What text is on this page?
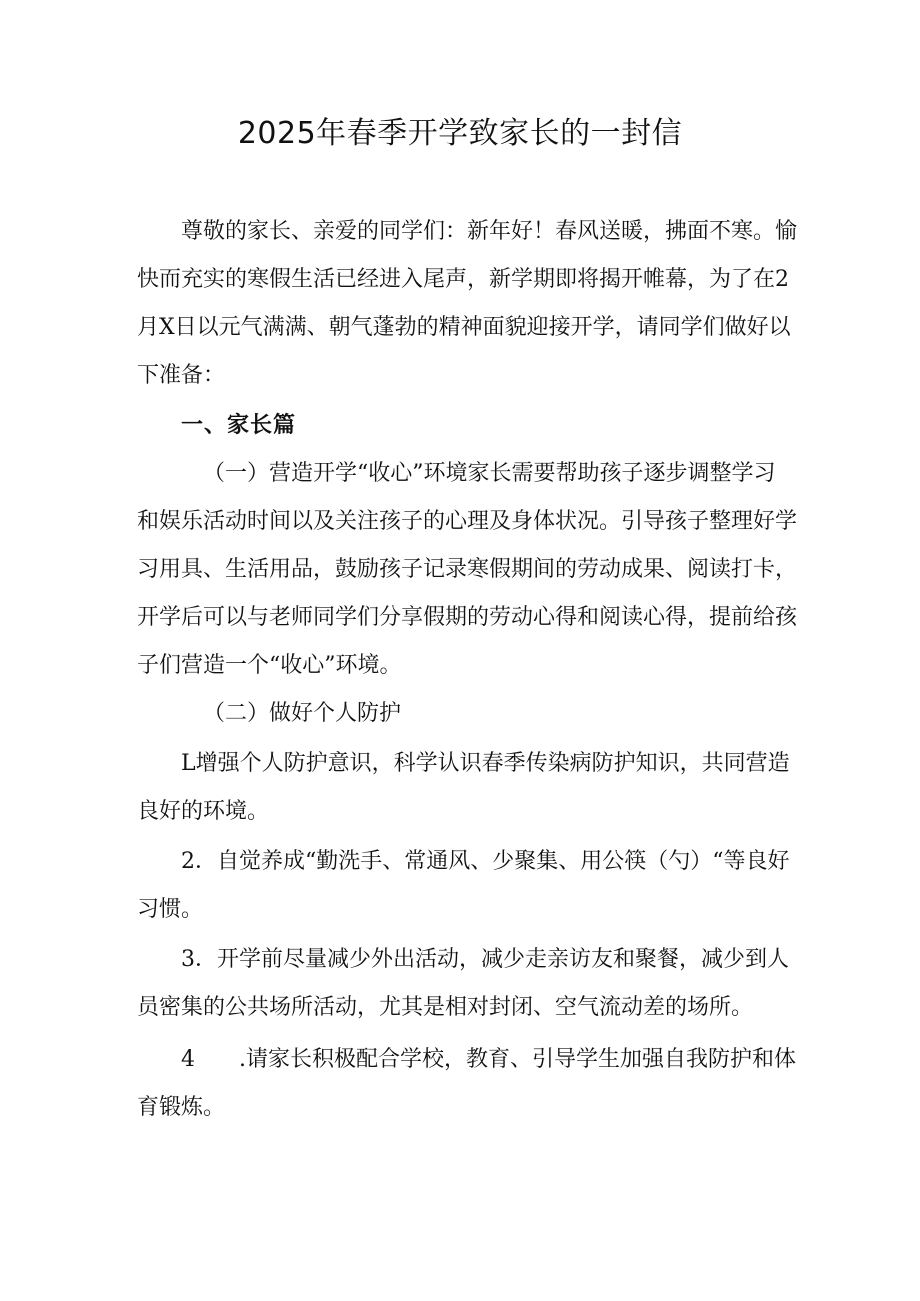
2025年春季开学致家长的一封信

尊敬的家长、亲爱的同学们：新年好！春风送暖，拂面不寒。愉快而充实的寒假生活已经进入尾声，新学期即将揭开帷幕，为了在2月X日以元气满满、朝气蓬勃的精神面貌迎接开学，请同学们做好以下准备：

一、家长篇

（一）营造开学“收心”环境家长需要帮助孩子逐步调整学习和娱乐活动时间以及关注孩子的心理及身体状况。引导孩子整理好学习用具、生活用品，鼓励孩子记录寒假期间的劳动成果、阅读打卡，开学后可以与老师同学们分享假期的劳动心得和阅读心得，提前给孩子们营造一个“收心”环境。

（二）做好个人防护

L增强个人防护意识，科学认识春季传染病防护知识，共同营造良好的环境。

2．自觉养成“勤洗手、常通风、少聚集、用公筷（勺）“等良好习惯。

3．开学前尽量减少外出活动，减少走亲访友和聚餐，减少到人员密集的公共场所活动，尤其是相对封闭、空气流动差的场所。

4　　.请家长积极配合学校，教育、引导学生加强自我防护和体育锻炼。
